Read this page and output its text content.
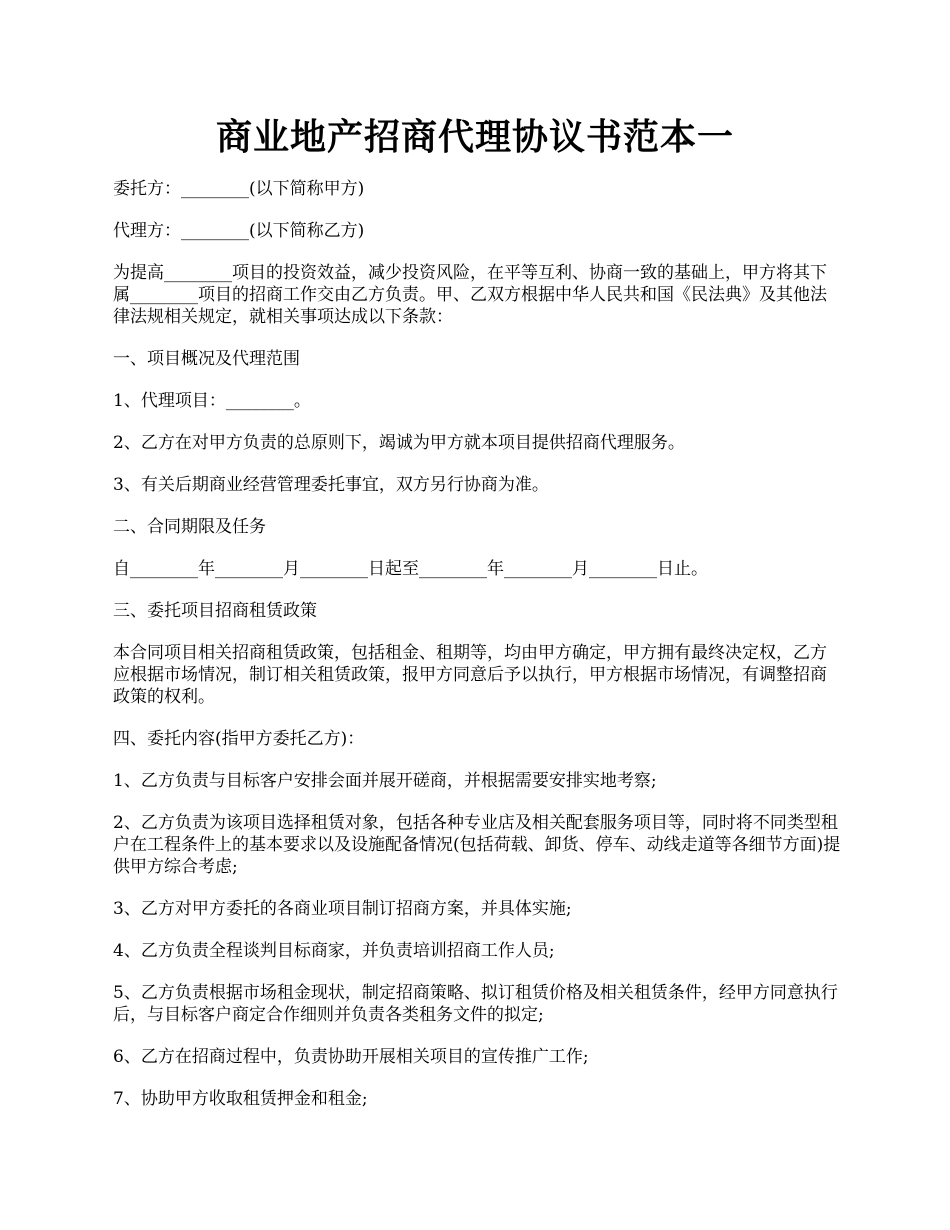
商业地产招商代理协议书范本一

委托方：________(以下简称甲方)

代理方：________(以下简称乙方)

为提高________项目的投资效益，减少投资风险，在平等互利、协商一致的基础上，甲方将其下属________项目的招商工作交由乙方负责。甲、乙双方根据中华人民共和国《民法典》及其他法律法规相关规定，就相关事项达成以下条款：

一、项目概况及代理范围

1、代理项目：________。

2、乙方在对甲方负责的总原则下，竭诚为甲方就本项目提供招商代理服务。

3、有关后期商业经营管理委托事宜，双方另行协商为准。

二、合同期限及任务

自________年________月________日起至________年________月________日止。

三、委托项目招商租赁政策

本合同项目相关招商租赁政策，包括租金、租期等，均由甲方确定，甲方拥有最终决定权，乙方应根据市场情况，制订相关租赁政策，报甲方同意后予以执行，甲方根据市场情况，有调整招商政策的权利。

四、委托内容(指甲方委托乙方)：

1、乙方负责与目标客户安排会面并展开磋商，并根据需要安排实地考察;

2、乙方负责为该项目选择租赁对象，包括各种专业店及相关配套服务项目等，同时将不同类型租户在工程条件上的基本要求以及设施配备情况(包括荷载、卸货、停车、动线走道等各细节方面)提供甲方综合考虑;

3、乙方对甲方委托的各商业项目制订招商方案，并具体实施;

4、乙方负责全程谈判目标商家，并负责培训招商工作人员;

5、乙方负责根据市场租金现状，制定招商策略、拟订租赁价格及相关租赁条件，经甲方同意执行后，与目标客户商定合作细则并负责各类租务文件的拟定;

6、乙方在招商过程中，负责协助开展相关项目的宣传推广工作;

7、协助甲方收取租赁押金和租金;
